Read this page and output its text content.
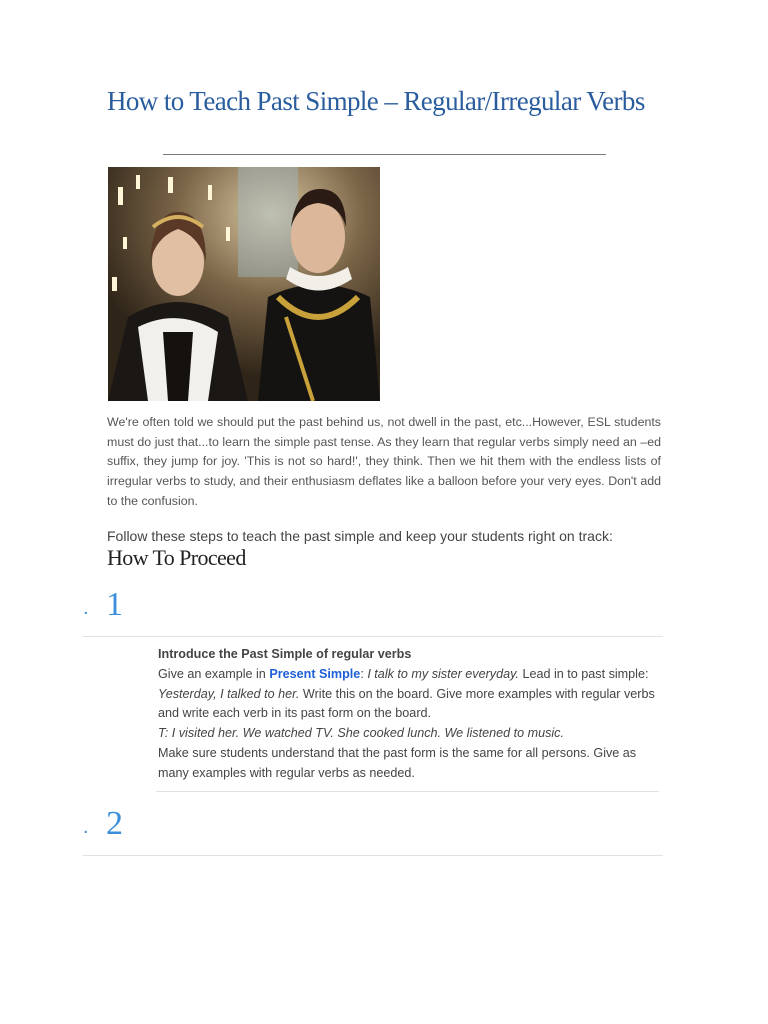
How to Teach Past Simple – Regular/Irregular Verbs

We're often told we should put the past behind us, not dwell in the past, etc...However, ESL students must do just that...to learn the simple past tense. As they learn that regular verbs simply need an –ed suffix, they jump for joy. 'This is not so hard!', they think. Then we hit them with the endless lists of irregular verbs to study, and their enthusiasm deflates like a balloon before your very eyes. Don't add to the confusion.

Follow these steps to teach the past simple and keep your students right on track:

How To Proceed
. 1

Introduce the Past Simple of regular verbs

Give an example in Present Simple: I talk to my sister everyday. Lead in to past simple: Yesterday, I talked to her. Write this on the board. Give more examples with regular verbs and write each verb in its past form on the board.

T: I visited her. We watched TV. She cooked lunch. We listened to music.

Make sure students understand that the past form is the same for all persons. Give as many examples with regular verbs as needed.

. 2
